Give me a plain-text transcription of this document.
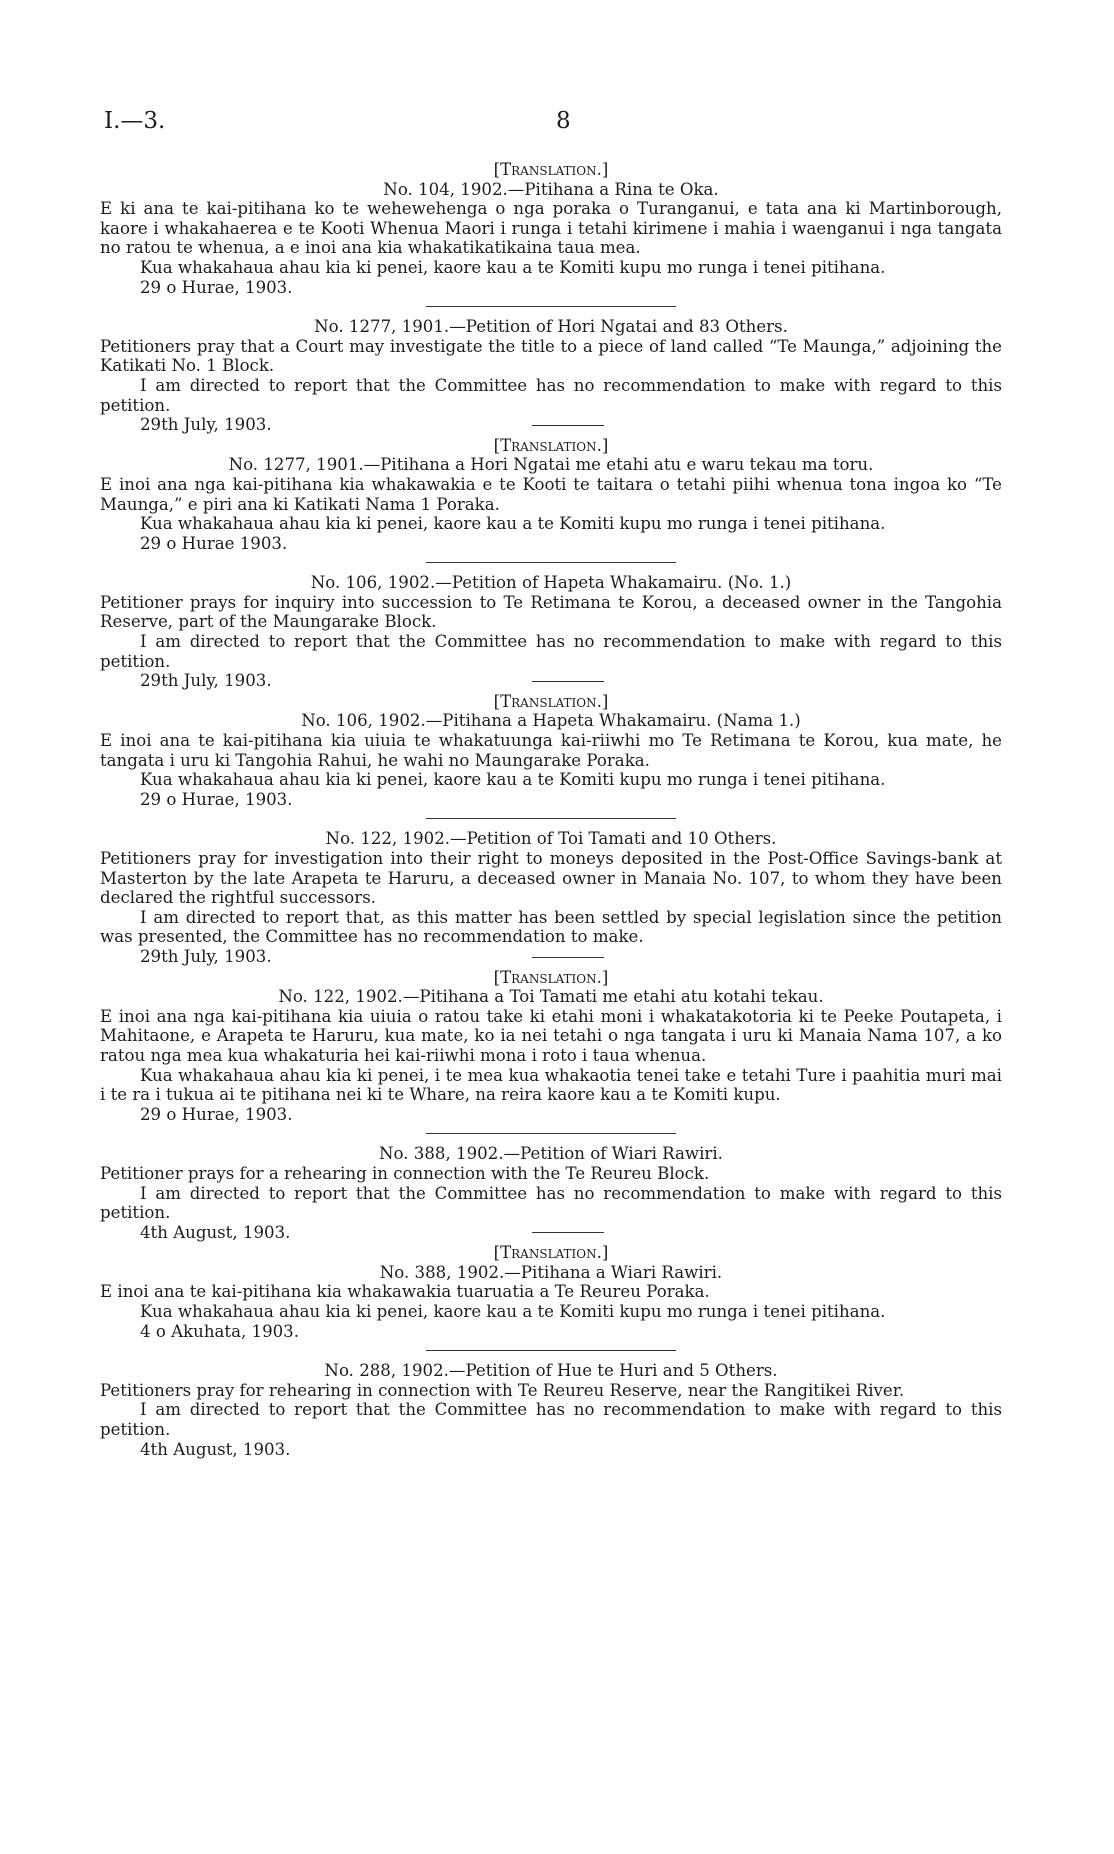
I.—3.	8
[Translation.]
No. 104, 1902.—Pitihana a Rina te Oka.

E ki ana te kai-pitihana ko te wehewehenga o nga poraka o Turanganui, e tata ana ki Martinborough, kaore i whakahaerea e te Kooti Whenua Maori i runga i tetahi kirimene i mahia i waenganui i nga tangata no ratou te whenua, a e inoi ana kia whakatikatikaina taua mea.

Kua whakahaua ahau kia ki penei, kaore kau a te Komiti kupu mo runga i tenei pitihana.

29 o Hurae, 1903.

No. 1277, 1901.—Petition of Hori Ngatai and 83 Others.

Petitioners pray that a Court may investigate the title to a piece of land called “Te Maunga,” adjoining the Katikati No. 1 Block.

I am directed to report that the Committee has no recommendation to make with regard to this petition.

29th July, 1903.

[Translation.]
No. 1277, 1901.—Pitihana a Hori Ngatai me etahi atu e waru tekau ma toru.

E inoi ana nga kai-pitihana kia whakawakia e te Kooti te taitara o tetahi piihi whenua tona ingoa ko “Te Maunga,” e piri ana ki Katikati Nama 1 Poraka.

Kua whakahaua ahau kia ki penei, kaore kau a te Komiti kupu mo runga i tenei pitihana.

29 o Hurae 1903.

No. 106, 1902.—Petition of Hapeta Whakamairu. (No. 1.)

Petitioner prays for inquiry into succession to Te Retimana te Korou, a deceased owner in the Tangohia Reserve, part of the Maungarake Block.

I am directed to report that the Committee has no recommendation to make with regard to this petition.

29th July, 1903.

[Translation.]
No. 106, 1902.—Pitihana a Hapeta Whakamairu. (Nama 1.)

E inoi ana te kai-pitihana kia uiuia te whakatuunga kai-riiwhi mo Te Retimana te Korou, kua mate, he tangata i uru ki Tangohia Rahui, he wahi no Maungarake Poraka.

Kua whakahaua ahau kia ki penei, kaore kau a te Komiti kupu mo runga i tenei pitihana.

29 o Hurae, 1903.

No. 122, 1902.—Petition of Toi Tamati and 10 Others.

Petitioners pray for investigation into their right to moneys deposited in the Post-Office Savings-bank at Masterton by the late Arapeta te Haruru, a deceased owner in Manaia No. 107, to whom they have been declared the rightful successors.

I am directed to report that, as this matter has been settled by special legislation since the petition was presented, the Committee has no recommendation to make.

29th July, 1903.

[Translation.]
No. 122, 1902.—Pitihana a Toi Tamati me etahi atu kotahi tekau.

E inoi ana nga kai-pitihana kia uiuia o ratou take ki etahi moni i whakatakotoria ki te Peeke Poutapeta, i Mahitaone, e Arapeta te Haruru, kua mate, ko ia nei tetahi o nga tangata i uru ki Manaia Nama 107, a ko ratou nga mea kua whakaturia hei kai-riiwhi mona i roto i taua whenua.

Kua whakahaua ahau kia ki penei, i te mea kua whakaotia tenei take e tetahi Ture i paahitia muri mai i te ra i tukua ai te pitihana nei ki te Whare, na reira kaore kau a te Komiti kupu.

29 o Hurae, 1903.

No. 388, 1902.—Petition of Wiari Rawiri.

Petitioner prays for a rehearing in connection with the Te Reureu Block.

I am directed to report that the Committee has no recommendation to make with regard to this petition.

4th August, 1903.

[Translation.]
No. 388, 1902.—Pitihana a Wiari Rawiri.

E inoi ana te kai-pitihana kia whakawakia tuaruatia a Te Reureu Poraka.

Kua whakahaua ahau kia ki penei, kaore kau a te Komiti kupu mo runga i tenei pitihana.

4 o Akuhata, 1903.

No. 288, 1902.—Petition of Hue te Huri and 5 Others.

Petitioners pray for rehearing in connection with Te Reureu Reserve, near the Rangitikei River.

I am directed to report that the Committee has no recommendation to make with regard to this petition.

4th August, 1903.
